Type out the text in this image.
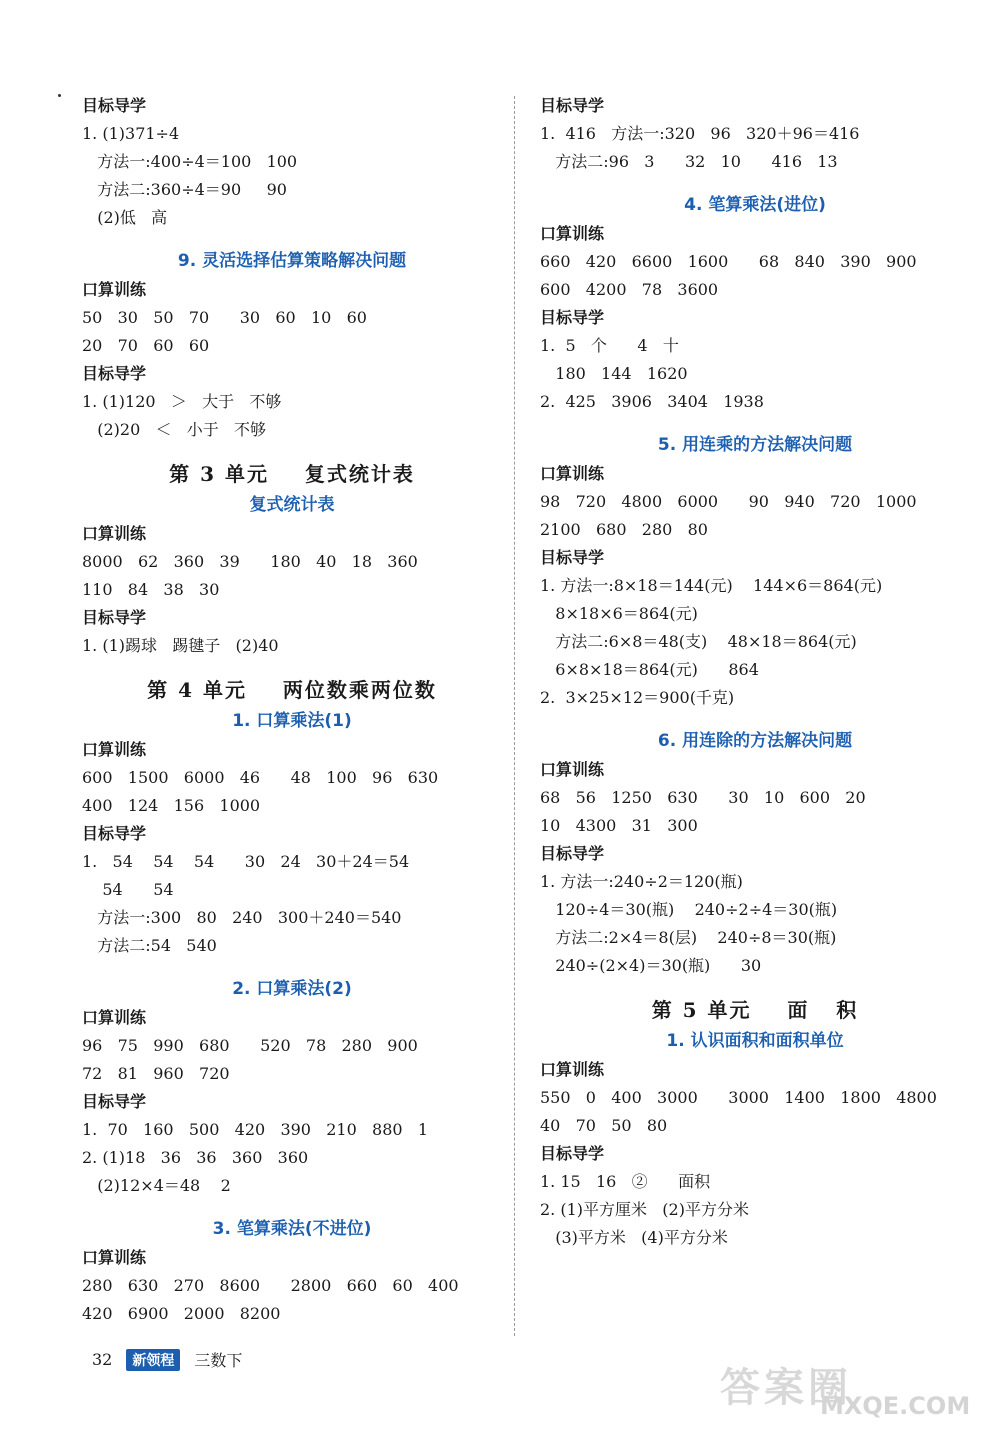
目标导学
1. (1)371÷4
方法一:400÷4＝100   100
方法二:360÷4＝90     90
(2)低   高
9. 灵活选择估算策略解决问题
口算训练
50   30   50   70      30   60   10   60
20   70   60   60
目标导学
1. (1)120   ＞   大于   不够
(2)20   ＜   小于   不够
第 3 单元    复式统计表
复式统计表
口算训练
8000   62   360   39      180   40   18   360
110   84   38   30
目标导学
1. (1)踢球   踢毽子   (2)40
第 4 单元    两位数乘两位数
1. 口算乘法(1)
口算训练
600   1500   6000   46      48   100   96   630
400   124   156   1000
目标导学
1.   54    54    54      30   24   30＋24＝54
54      54
方法一:300   80   240   300＋240＝540
方法二:54   540
2. 口算乘法(2)
口算训练
96   75   990   680      520   78   280   900
72   81   960   720
目标导学
1.  70   160   500   420   390   210   880   1
2. (1)18   36   36   360   360
(2)12×4＝48    2
3. 笔算乘法(不进位)
口算训练
280   630   270   8600      2800   660   60   400
420   6900   2000   8200
目标导学
1.  416   方法一:320   96   320＋96＝416
方法二:96   3      32   10      416   13
4. 笔算乘法(进位)
口算训练
660   420   6600   1600      68   840   390   900
600   4200   78   3600
目标导学
1.  5   个      4   十
180   144   1620
2.  425   3906   3404   1938
5. 用连乘的方法解决问题
口算训练
98   720   4800   6000      90   940   720   1000
2100   680   280   80
目标导学
1. 方法一:8×18＝144(元)    144×6＝864(元)
8×18×6＝864(元)
方法二:6×8＝48(支)    48×18＝864(元)
6×8×18＝864(元)      864
2.  3×25×12＝900(千克)
6. 用连除的方法解决问题
口算训练
68   56   1250   630      30   10   600   20
10   4300   31   300
目标导学
1. 方法一:240÷2＝120(瓶)
120÷4＝30(瓶)    240÷2÷4＝30(瓶)
方法二:2×4＝8(层)    240÷8＝30(瓶)
240÷(2×4)＝30(瓶)      30
第 5 单元    面   积
1. 认识面积和面积单位
口算训练
550   0   400   3000      3000   1400   1800   4800
40   70   50   80
目标导学
1. 15   16   ②      面积
2. (1)平方厘米   (2)平方分米
(3)平方米   (4)平方分米
32	新领程	三数下
答案圈
MXQE.COM
